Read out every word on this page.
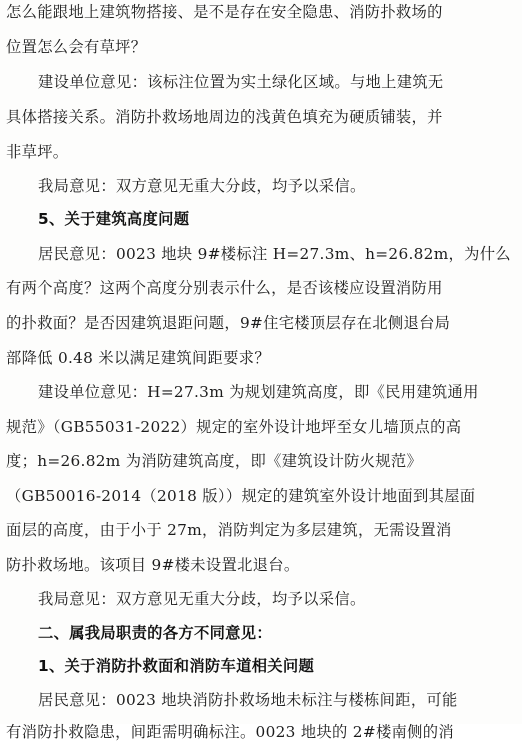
怎么能跟地上建筑物搭接、是不是存在安全隐患、消防扑救场的

位置怎么会有草坪？

建设单位意见：该标注位置为实土绿化区域。与地上建筑无

具体搭接关系。消防扑救场地周边的浅黄色填充为硬质铺装，并

非草坪。

我局意见：双方意见无重大分歧，均予以采信。

5、关于建筑高度问题

居民意见：0023 地块 9#楼标注 H=27.3m、h=26.82m，为什么

有两个高度？这两个高度分别表示什么，是否该楼应设置消防用

的扑救面？是否因建筑退距问题，9#住宅楼顶层存在北侧退台局

部降低 0.48 米以满足建筑间距要求？

建设单位意见：H=27.3m 为规划建筑高度，即《民用建筑通用

规范》（GB55031-2022）规定的室外设计地坪至女儿墙顶点的高

度；h=26.82m 为消防建筑高度，即《建筑设计防火规范》

（GB50016-2014（2018 版））规定的建筑室外设计地面到其屋面

面层的高度，由于小于 27m，消防判定为多层建筑，无需设置消

防扑救场地。该项目 9#楼未设置北退台。

我局意见：双方意见无重大分歧，均予以采信。

二、属我局职责的各方不同意见：

1、关于消防扑救面和消防车道相关问题

居民意见：0023 地块消防扑救场地未标注与楼栋间距，可能

有消防扑救隐患，间距需明确标注。0023 地块的 2#楼南侧的消
